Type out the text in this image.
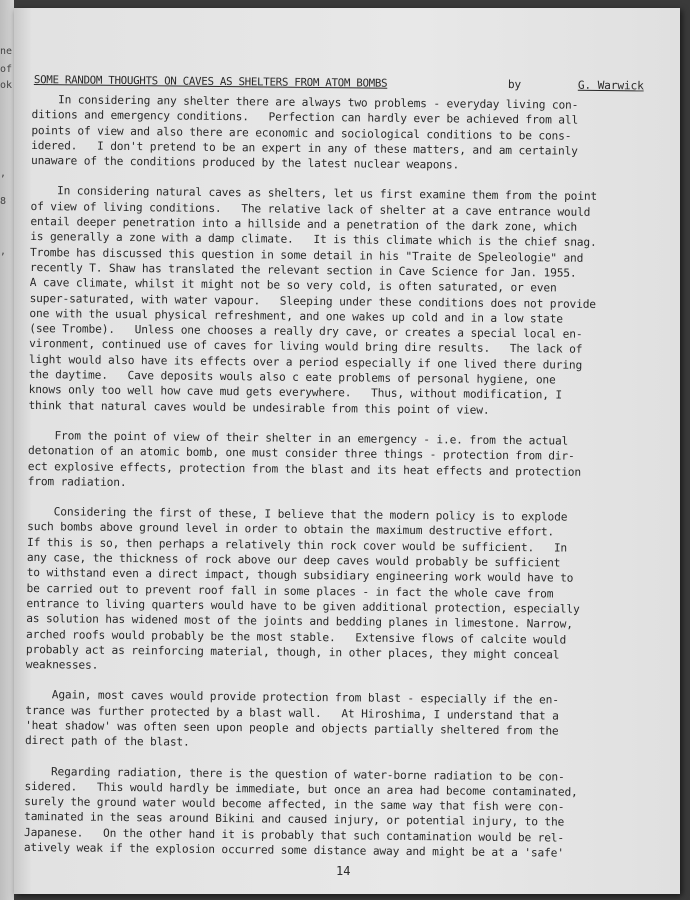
ne
of
ok
,
8
,
SOME RANDOM THOUGHTS ON CAVES AS SHELTERS FROM ATOM BOMBS	by	G. Warwick
In considering any shelter there are always two problems - everyday living con-
ditions and emergency conditions.   Perfection can hardly ever be achieved from all
points of view and also there are economic and sociological conditions to be cons-
idered.   I don't pretend to be an expert in any of these matters, and am certainly
unaware of the conditions produced by the latest nuclear weapons.
In considering natural caves as shelters, let us first examine them from the point
of view of living conditions.   The relative lack of shelter at a cave entrance would
entail deeper penetration into a hillside and a penetration of the dark zone, which
is generally a zone with a damp climate.   It is this climate which is the chief snag.
Trombe has discussed this question in some detail in his "Traite de Speleologie" and
recently T. Shaw has translated the relevant section in Cave Science for Jan. 1955.
A cave climate, whilst it might not be so very cold, is often saturated, or even
super-saturated, with water vapour.   Sleeping under these conditions does not provide
one with the usual physical refreshment, and one wakes up cold and in a low state
(see Trombe).   Unless one chooses a really dry cave, or creates a special local en-
vironment, continued use of caves for living would bring dire results.   The lack of
light would also have its effects over a period especially if one lived there during
the daytime.   Cave deposits wouls also c eate problems of personal hygiene, one
knows only too well how cave mud gets everywhere.   Thus, without modification, I
think that natural caves would be undesirable from this point of view.
From the point of view of their shelter in an emergency - i.e. from the actual
detonation of an atomic bomb, one must consider three things - protection from dir-
ect explosive effects, protection from the blast and its heat effects and protection
from radiation.
Considering the first of these, I believe that the modern policy is to explode
such bombs above ground level in order to obtain the maximum destructive effort.
If this is so, then perhaps a relatively thin rock cover would be sufficient.   In
any case, the thickness of rock above our deep caves would probably be sufficient
to withstand even a direct impact, though subsidiary engineering work would have to
be carried out to prevent roof fall in some places - in fact the whole cave from
entrance to living quarters would have to be given additional protection, especially
as solution has widened most of the joints and bedding planes in limestone. Narrow,
arched roofs would probably be the most stable.   Extensive flows of calcite would
probably act as reinforcing material, though, in other places, they might conceal
weaknesses.
Again, most caves would provide protection from blast - especially if the en-
trance was further protected by a blast wall.   At Hiroshima, I understand that a
'heat shadow' was often seen upon people and objects partially sheltered from the
direct path of the blast.
Regarding radiation, there is the question of water-borne radiation to be con-
sidered.   This would hardly be immediate, but once an area had become contaminated,
surely the ground water would become affected, in the same way that fish were con-
taminated in the seas around Bikini and caused injury, or potential injury, to the
Japanese.   On the other hand it is probably that such contamination would be rel-
atively weak if the explosion occurred some distance away and might be at a 'safe'
14
